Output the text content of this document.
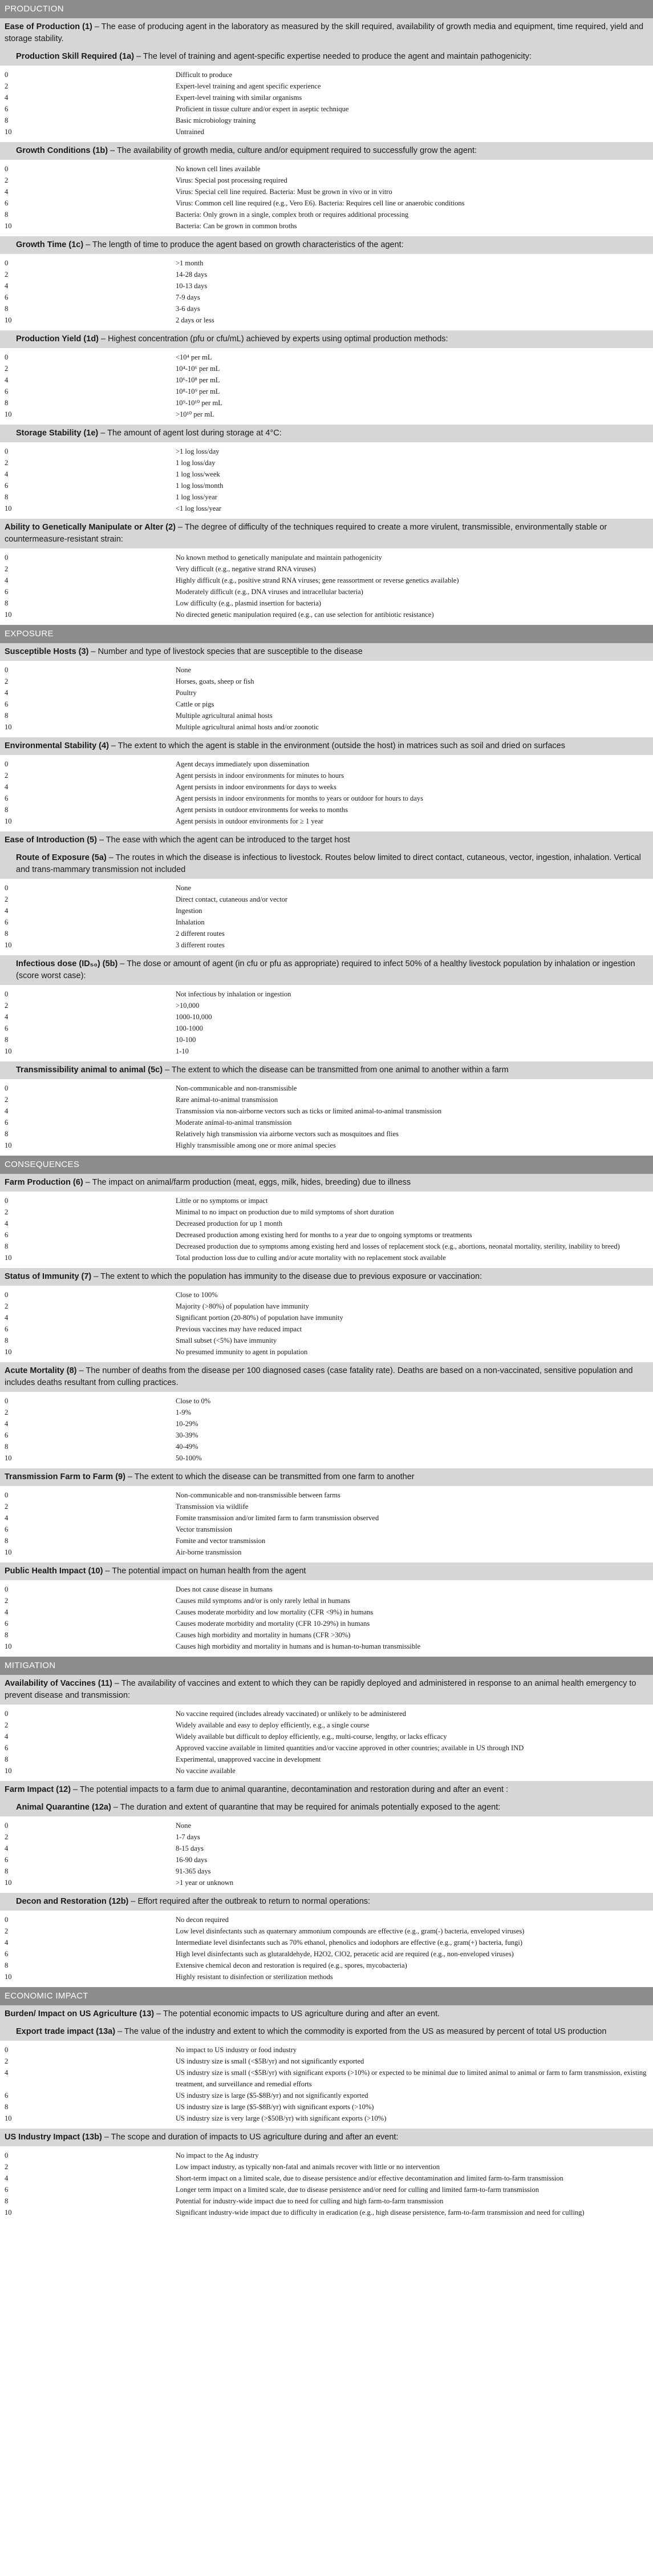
PRODUCTION
Ease of Production (1) – The ease of producing agent in the laboratory as measured by the skill required, availability of growth media and equipment, time required, yield and storage stability.
Production Skill Required (1a) – The level of training and agent-specific expertise needed to produce the agent and maintain pathogenicity:
0	Difficult to produce
2	Expert-level training and agent specific experience
4	Expert-level training with similar organisms
6	Proficient in tissue culture and/or expert in aseptic technique
8	Basic microbiology training
10	Untrained
Growth Conditions (1b) – The availability of growth media, culture and/or equipment required to successfully grow the agent:
0	No known cell lines available
2	Virus: Special post processing required
4	Virus: Special cell line required. Bacteria: Must be grown in vivo or in vitro
6	Virus: Common cell line required (e.g., Vero E6). Bacteria: Requires cell line or anaerobic conditions
8	Bacteria: Only grown in a single, complex broth or requires additional processing
10	Bacteria: Can be grown in common broths
Growth Time (1c) – The length of time to produce the agent based on growth characteristics of the agent:
0	>1 month
2	14-28 days
4	10-13 days
6	7-9 days
8	3-6 days
10	2 days or less
Production Yield (1d) – Highest concentration (pfu or cfu/mL) achieved by experts using optimal production methods:
0	<10⁴ per mL
2	10⁴-10⁶ per mL
4	10⁶-10⁸ per mL
6	10⁸-10⁹ per mL
8	10⁹-10¹⁰ per mL
10	>10¹⁰ per mL
Storage Stability (1e) – The amount of agent lost during storage at 4°C:
0	>1 log loss/day
2	1 log loss/day
4	1 log loss/week
6	1 log loss/month
8	1 log loss/year
10	<1 log loss/year
Ability to Genetically Manipulate or Alter (2) – The degree of difficulty of the techniques required to create a more virulent, transmissible, environmentally stable or countermeasure-resistant strain:
0	No known method to genetically manipulate and maintain pathogenicity
2	Very difficult (e.g., negative strand RNA viruses)
4	Highly difficult (e.g., positive strand RNA viruses; gene reassortment or reverse genetics available)
6	Moderately difficult (e.g., DNA viruses and intracellular bacteria)
8	Low difficulty (e.g., plasmid insertion for bacteria)
10	No directed genetic manipulation required (e.g., can use selection for antibiotic resistance)
EXPOSURE
Susceptible Hosts (3) – Number and type of livestock species that are susceptible to the disease
0	None
2	Horses, goats, sheep or fish
4	Poultry
6	Cattle or pigs
8	Multiple agricultural animal hosts
10	Multiple agricultural animal hosts and/or zoonotic
Environmental Stability (4) – The extent to which the agent is stable in the environment (outside the host) in matrices such as soil and dried on surfaces
0	Agent decays immediately upon dissemination
2	Agent persists in indoor environments for minutes to hours
4	Agent persists in indoor environments for days to weeks
6	Agent persists in indoor environments for months to years or outdoor for hours to days
8	Agent persists in outdoor environments for weeks to months
10	Agent persists in outdoor environments for ≥ 1 year
Ease of Introduction (5) – The ease with which the agent can be introduced to the target host
Route of Exposure (5a) – The routes in which the disease is infectious to livestock. Routes below limited to direct contact, cutaneous, vector, ingestion, inhalation. Vertical and trans-mammary transmission not included
0	None
2	Direct contact, cutaneous and/or vector
4	Ingestion
6	Inhalation
8	2 different routes
10	3 different routes
Infectious dose (ID₅₀) (5b) – The dose or amount of agent (in cfu or pfu as appropriate) required to infect 50% of a healthy livestock population by inhalation or ingestion (score worst case):
0	Not infectious by inhalation or ingestion
2	>10,000
4	1000-10,000
6	100-1000
8	10-100
10	1-10
Transmissibility animal to animal (5c) – The extent to which the disease can be transmitted from one animal to another within a farm
0	Non-communicable and non-transmissible
2	Rare animal-to-animal transmission
4	Transmission via non-airborne vectors such as ticks or limited animal-to-animal transmission
6	Moderate animal-to-animal transmission
8	Relatively high transmission via airborne vectors such as mosquitoes and flies
10	Highly transmissible among one or more animal species
CONSEQUENCES
Farm Production (6) – The impact on animal/farm production (meat, eggs, milk, hides, breeding) due to illness
0	Little or no symptoms or impact
2	Minimal to no impact on production due to mild symptoms of short duration
4	Decreased production for up 1 month
6	Decreased production among existing herd for months to a year due to ongoing symptoms or treatments
8	Decreased production due to symptoms among existing herd and losses of replacement stock (e.g., abortions, neonatal mortality, sterility, inability to breed)
10	Total production loss due to culling and/or acute mortality with no replacement stock available
Status of Immunity (7) – The extent to which the population has immunity to the disease due to previous exposure or vaccination:
0	Close to 100%
2	Majority (>80%) of population have immunity
4	Significant portion (20-80%) of population have immunity
6	Previous vaccines may have reduced impact
8	Small subset (<5%) have immunity
10	No presumed immunity to agent in population
Acute Mortality (8) – The number of deaths from the disease per 100 diagnosed cases (case fatality rate). Deaths are based on a non-vaccinated, sensitive population and includes deaths resultant from culling practices.
0	Close to 0%
2	1-9%
4	10-29%
6	30-39%
8	40-49%
10	50-100%
Transmission Farm to Farm (9) – The extent to which the disease can be transmitted from one farm to another
0	Non-communicable and non-transmissible between farms
2	Transmission via wildlife
4	Fomite transmission and/or limited farm to farm transmission observed
6	Vector transmission
8	Fomite and vector transmission
10	Air-borne transmission
Public Health Impact (10) – The potential impact on human health from the agent
0	Does not cause disease in humans
2	Causes mild symptoms and/or is only rarely lethal in humans
4	Causes moderate morbidity and low mortality (CFR <9%) in humans
6	Causes moderate morbidity and mortality (CFR 10-29%) in humans
8	Causes high morbidity and mortality in humans (CFR >30%)
10	Causes high morbidity and mortality in humans and is human-to-human transmissible
MITIGATION
Availability of Vaccines (11) – The availability of vaccines and extent to which they can be rapidly deployed and administered in response to an animal health emergency to prevent disease and transmission:
0	No vaccine required (includes already vaccinated) or unlikely to be administered
2	Widely available and easy to deploy efficiently, e.g., a single course
4	Widely available but difficult to deploy efficiently, e.g., multi-course, lengthy, or lacks efficacy
6	Approved vaccine available in limited quantities and/or vaccine approved in other countries; available in US through IND
8	Experimental, unapproved vaccine in development
10	No vaccine available
Farm Impact (12) – The potential impacts to a farm due to animal quarantine, decontamination and restoration during and after an event :
Animal Quarantine (12a) – The duration and extent of quarantine that may be required for animals potentially exposed to the agent:
0	None
2	1-7 days
4	8-15 days
6	16-90 days
8	91-365 days
10	>1 year or unknown
Decon and Restoration (12b) – Effort required after the outbreak to return to normal operations:
0	No decon required
2	Low level disinfectants such as quaternary ammonium compounds are effective (e.g., gram(-) bacteria, enveloped viruses)
4	Intermediate level disinfectants such as 70% ethanol, phenolics and iodophors are effective (e.g., gram(+) bacteria, fungi)
6	High level disinfectants such as glutaraldehyde, H2O2, ClO2, peracetic acid are required (e.g., non-enveloped viruses)
8	Extensive chemical decon and restoration is required (e.g., spores, mycobacteria)
10	Highly resistant to disinfection or sterilization methods
ECONOMIC IMPACT
Burden/ Impact on US Agriculture (13) – The potential economic impacts to US agriculture during and after an event.
Export trade impact (13a) – The value of the industry and extent to which the commodity is exported from the US as measured by percent of total US production
0	No impact to US industry or food industry
2	US industry size is small (<$5B/yr) and not significantly exported
4	US industry size is small (<$5B/yr) with significant exports (>10%) or expected to be minimal due to limited animal to animal or farm to farm transmission, existing treatment, and surveillance and remedial efforts
6	US industry size is large ($5-$8B/yr) and not significantly exported
8	US industry size is large ($5-$8B/yr) with significant exports (>10%)
10	US industry size is very large (>$50B/yr) with significant exports (>10%)
US Industry Impact (13b) – The scope and duration of impacts to US agriculture during and after an event:
0	No impact to the Ag industry
2	Low impact industry, as typically non-fatal and animals recover with little or no intervention
4	Short-term impact on a limited scale, due to disease persistence and/or effective decontamination and limited farm-to-farm transmission
6	Longer term impact on a limited scale, due to disease persistence and/or need for culling and limited farm-to-farm transmission
8	Potential for industry-wide impact due to need for culling and high farm-to-farm transmission
10	Significant industry-wide impact due to difficulty in eradication (e.g., high disease persistence, farm-to-farm transmission and need for culling)
